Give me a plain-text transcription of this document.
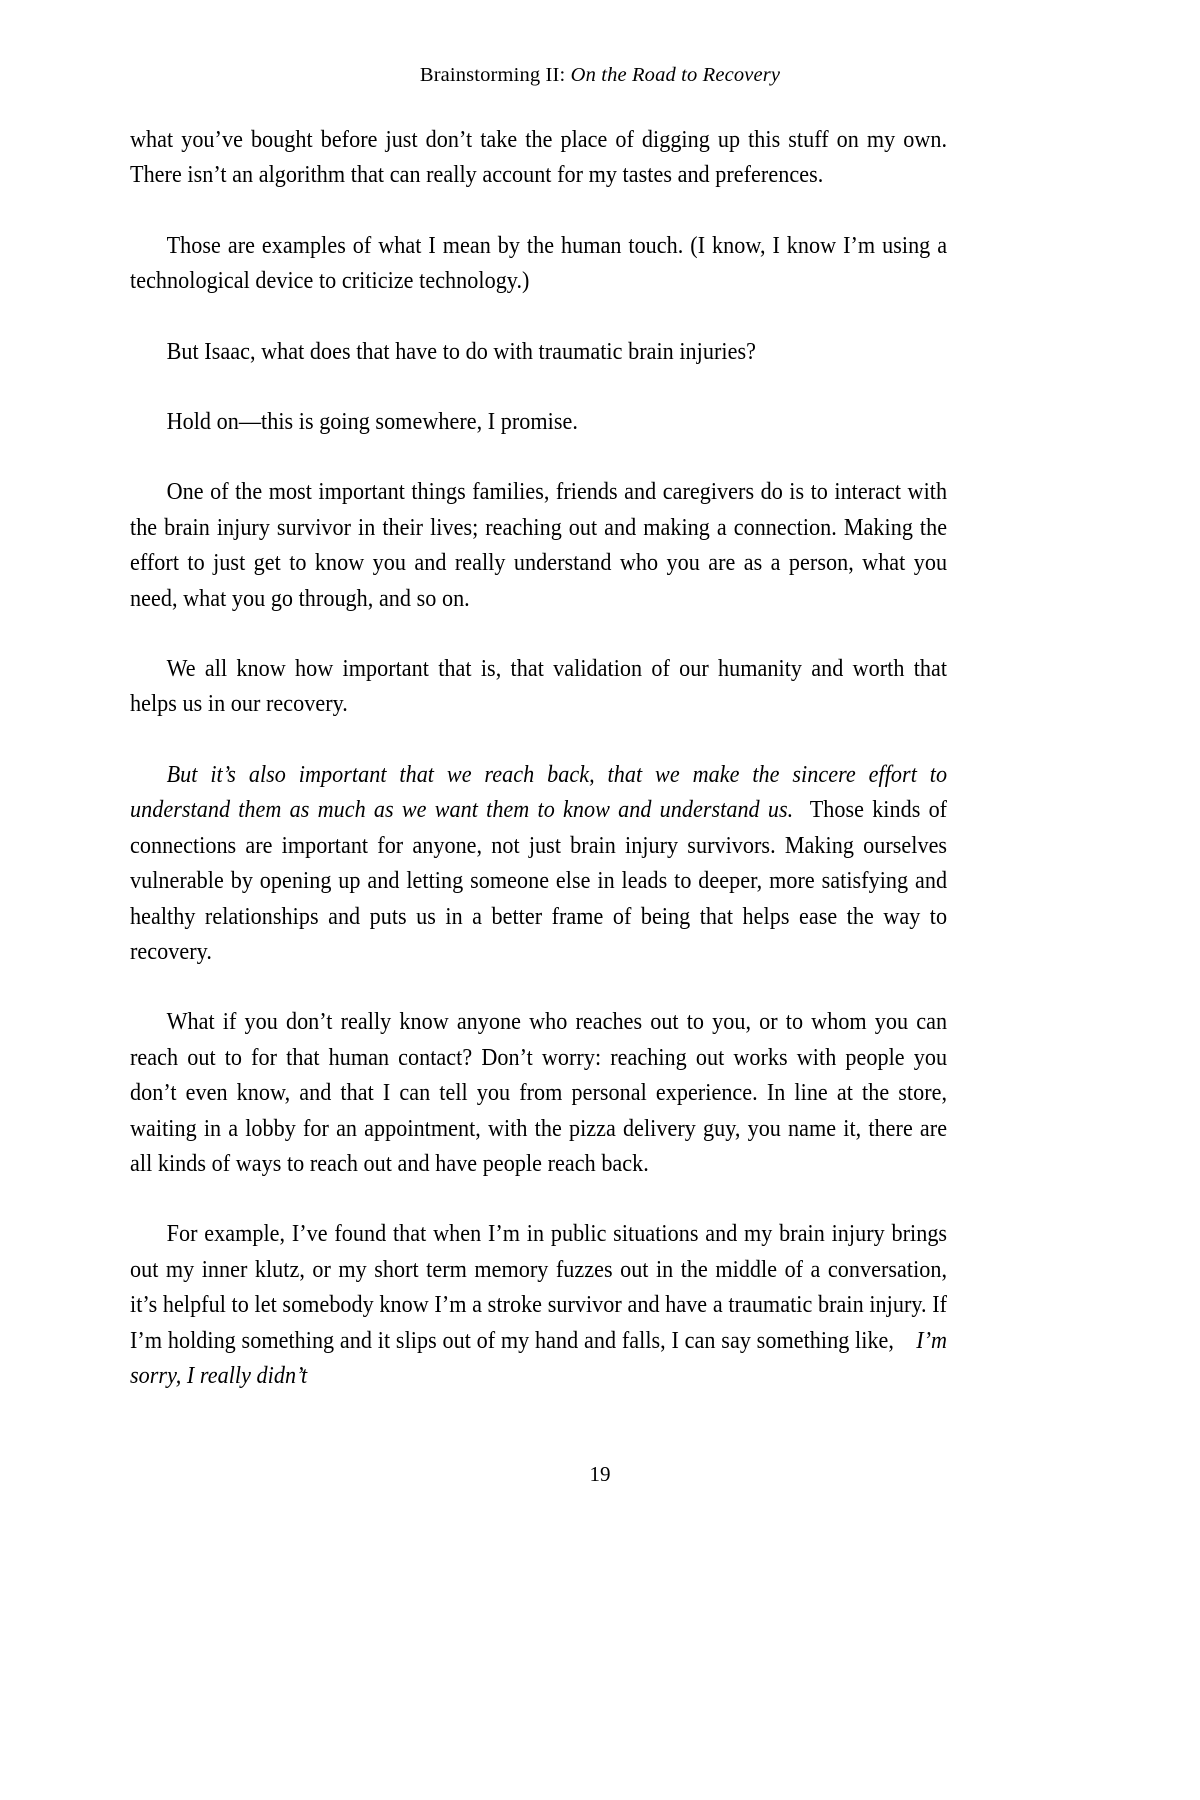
Brainstorming II: On the Road to Recovery

what you’ve bought before just don’t take the place of digging up this stuff on my own. There isn’t an algorithm that can really account for my tastes and preferences.

Those are examples of what I mean by the human touch. (I know, I know I’m using a technological device to criticize technology.)

But Isaac, what does that have to do with traumatic brain injuries?

Hold on—this is going somewhere, I promise.

One of the most important things families, friends and caregivers do is to interact with the brain injury survivor in their lives; reaching out and making a connection. Making the effort to just get to know you and really understand who you are as a person, what you need, what you go through, and so on.

We all know how important that is, that validation of our humanity and worth that helps us in our recovery.

But it’s also important that we reach back, that we make the sincere effort to understand them as much as we want them to know and understand us. Those kinds of connections are important for anyone, not just brain injury survivors. Making ourselves vulnerable by opening up and letting someone else in leads to deeper, more satisfying and healthy relationships and puts us in a better frame of being that helps ease the way to recovery.

What if you don’t really know anyone who reaches out to you, or to whom you can reach out to for that human contact? Don’t worry: reaching out works with people you don’t even know, and that I can tell you from personal experience. In line at the store, waiting in a lobby for an appointment, with the pizza delivery guy, you name it, there are all kinds of ways to reach out and have people reach back.

For example, I’ve found that when I’m in public situations and my brain injury brings out my inner klutz, or my short term memory fuzzes out in the middle of a conversation, it’s helpful to let somebody know I’m a stroke survivor and have a traumatic brain injury. If I’m holding something and it slips out of my hand and falls, I can say something like, I’m sorry, I really didn’t

19
